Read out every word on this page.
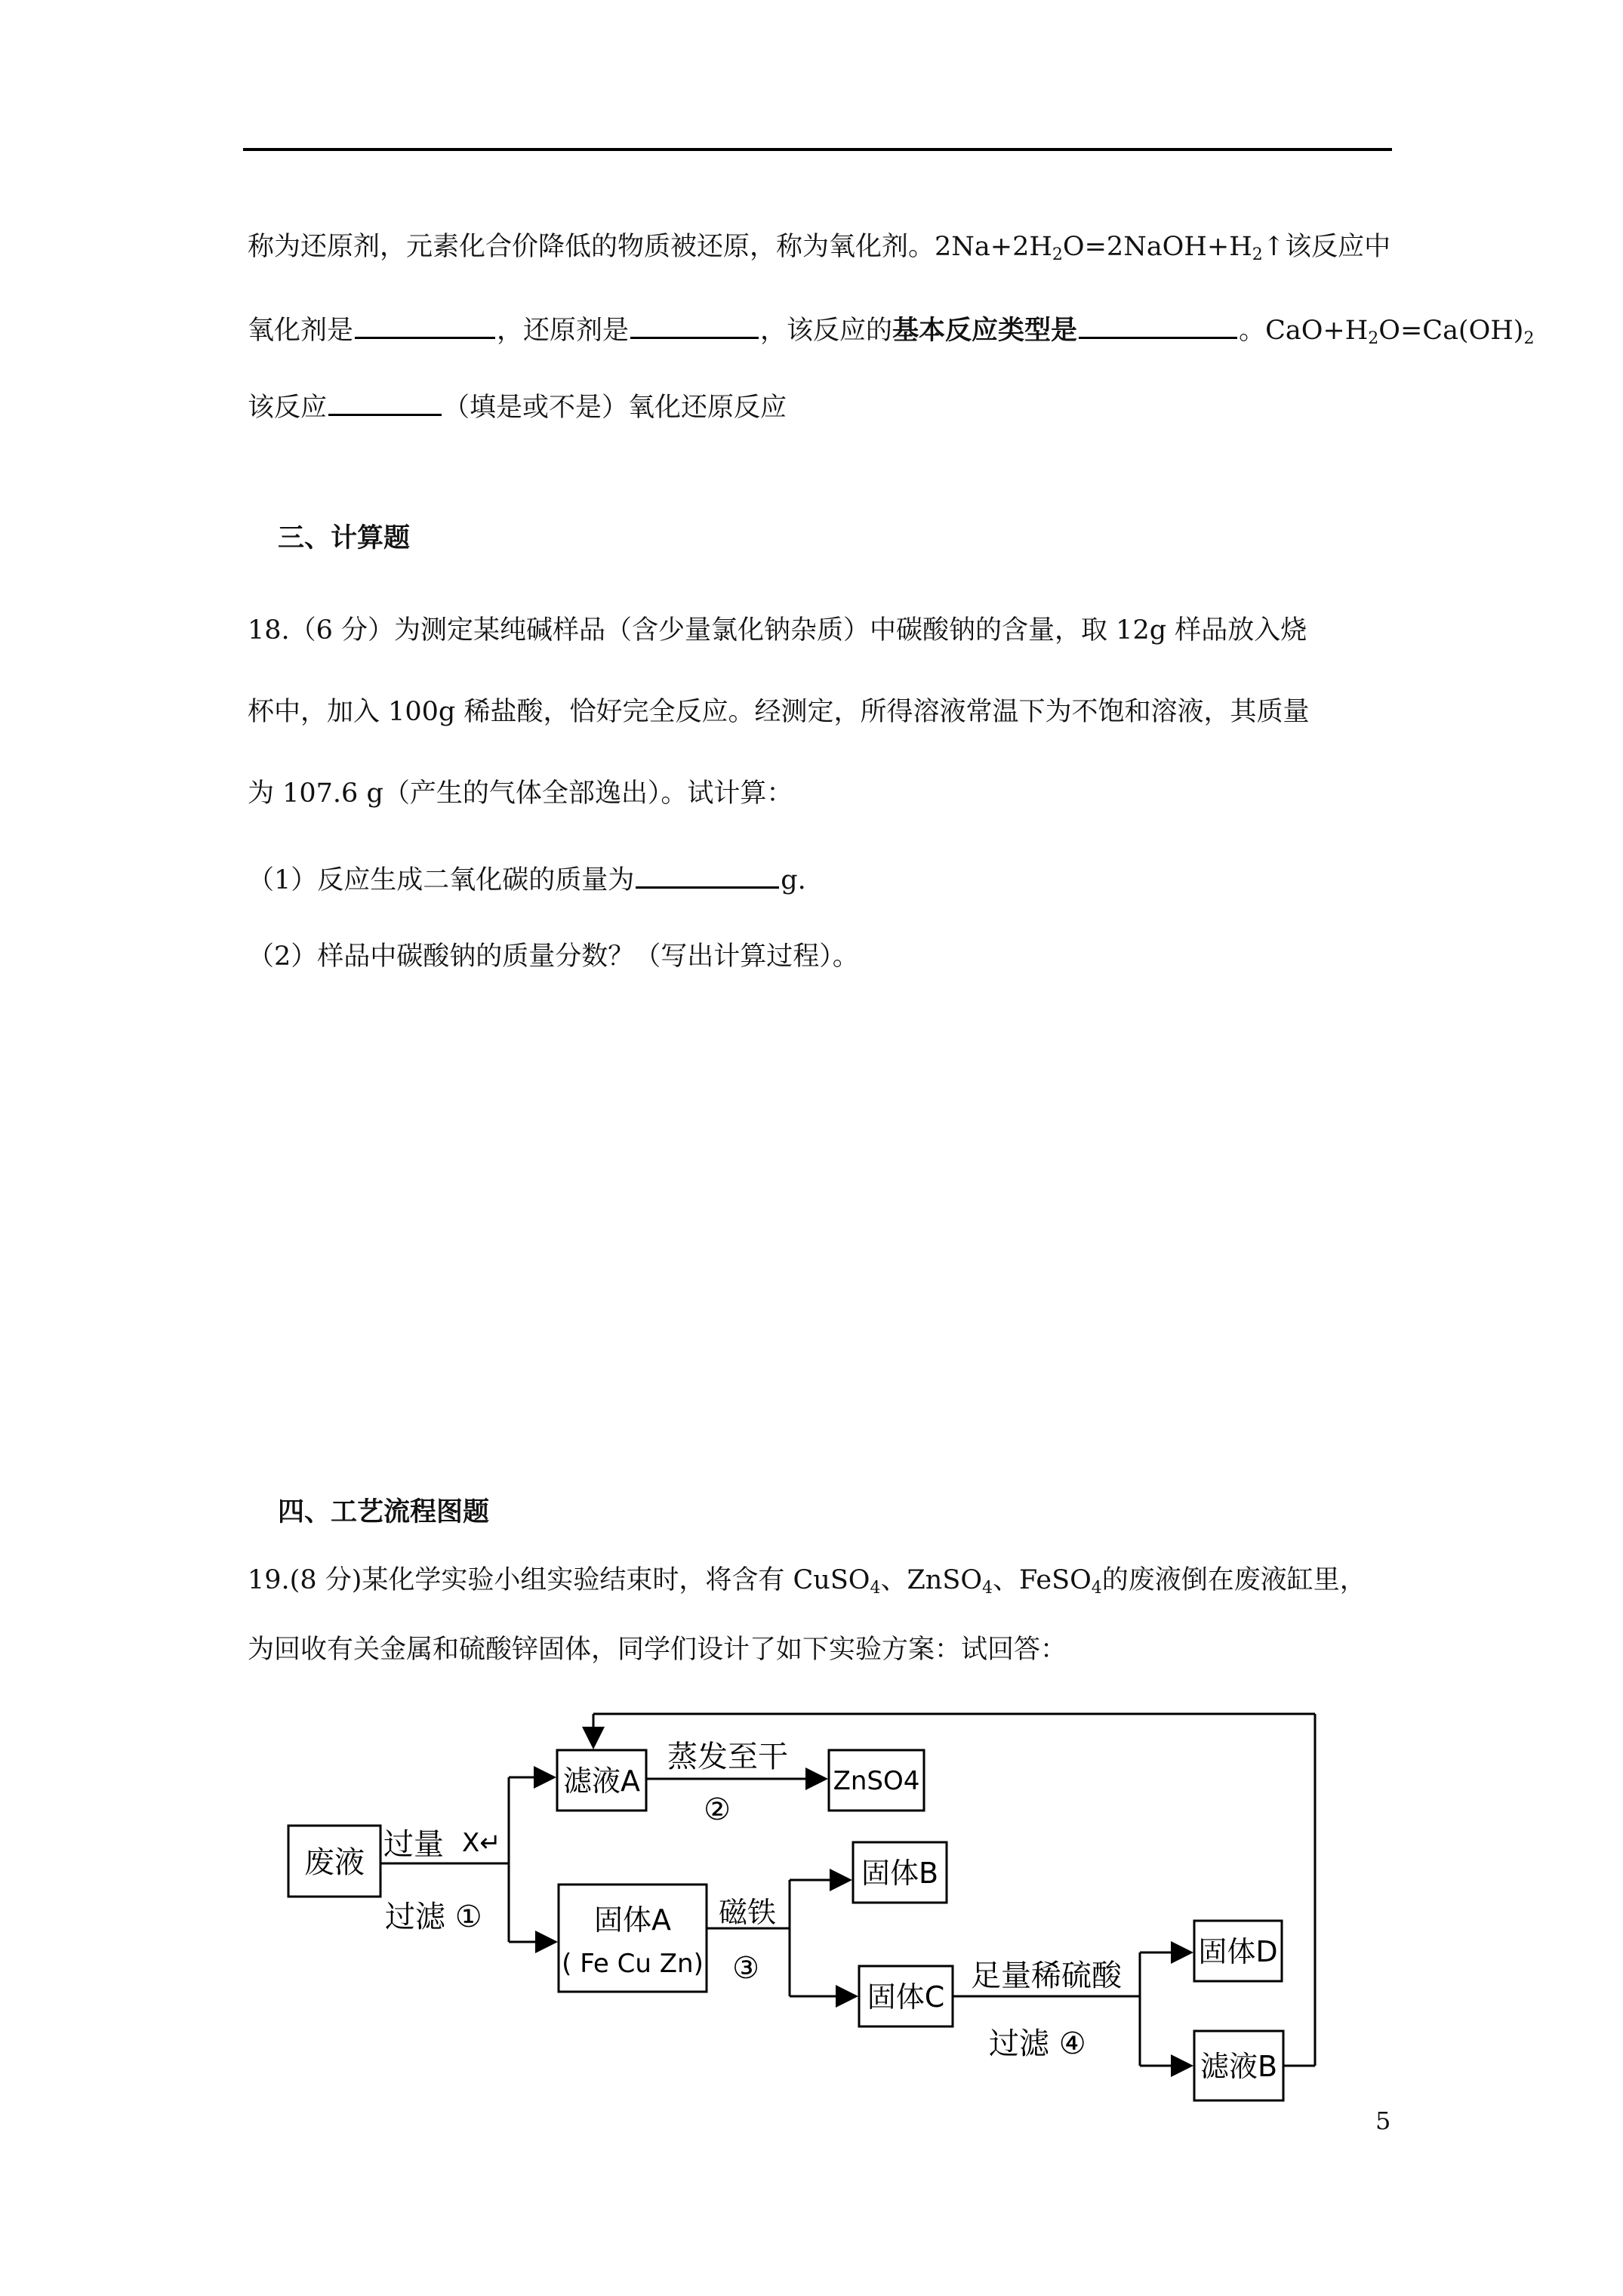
称为还原剂，元素化合价降低的物质被还原，称为氧化剂。$2Na+2H_2O=2NaOH+H_2↑$该反应中
氧化剂是	，还原剂是	，该反应的基本反应类型是	。$CaO+H_2O=Ca(OH)_2$
该反应	（填是或不是）氧化还原反应
三、计算题
18.（6 分）为测定某纯碱样品（含少量氯化钠杂质）中碳酸钠的含量，取 12g 样品放入烧
杯中，加入 100g 稀盐酸，恰好完全反应。经测定，所得溶液常温下为不饱和溶液，其质量
为 107.6 g（产生的气体全部逸出）。试计算：
（1）反应生成二氧化碳的质量为	g.
（2）样品中碳酸钠的质量分数？（写出计算过程）。
四、工艺流程图题
19.(8 分)某化学实验小组实验结束时，将含有 CuSO$_4$、ZnSO$_4$、FeSO$_4$的废液倒在废液缸里，
为回收有关金属和硫酸锌固体，同学们设计了如下实验方案：试回答：
废液
滤液A	ZnSO4
固体A
( Fe Cu Zn)
固体B
固体C
固体D
滤液B
过量 X↵
过滤 ①
蒸发至干
②
磁铁
③	足量稀硫酸
过滤 ④
5
